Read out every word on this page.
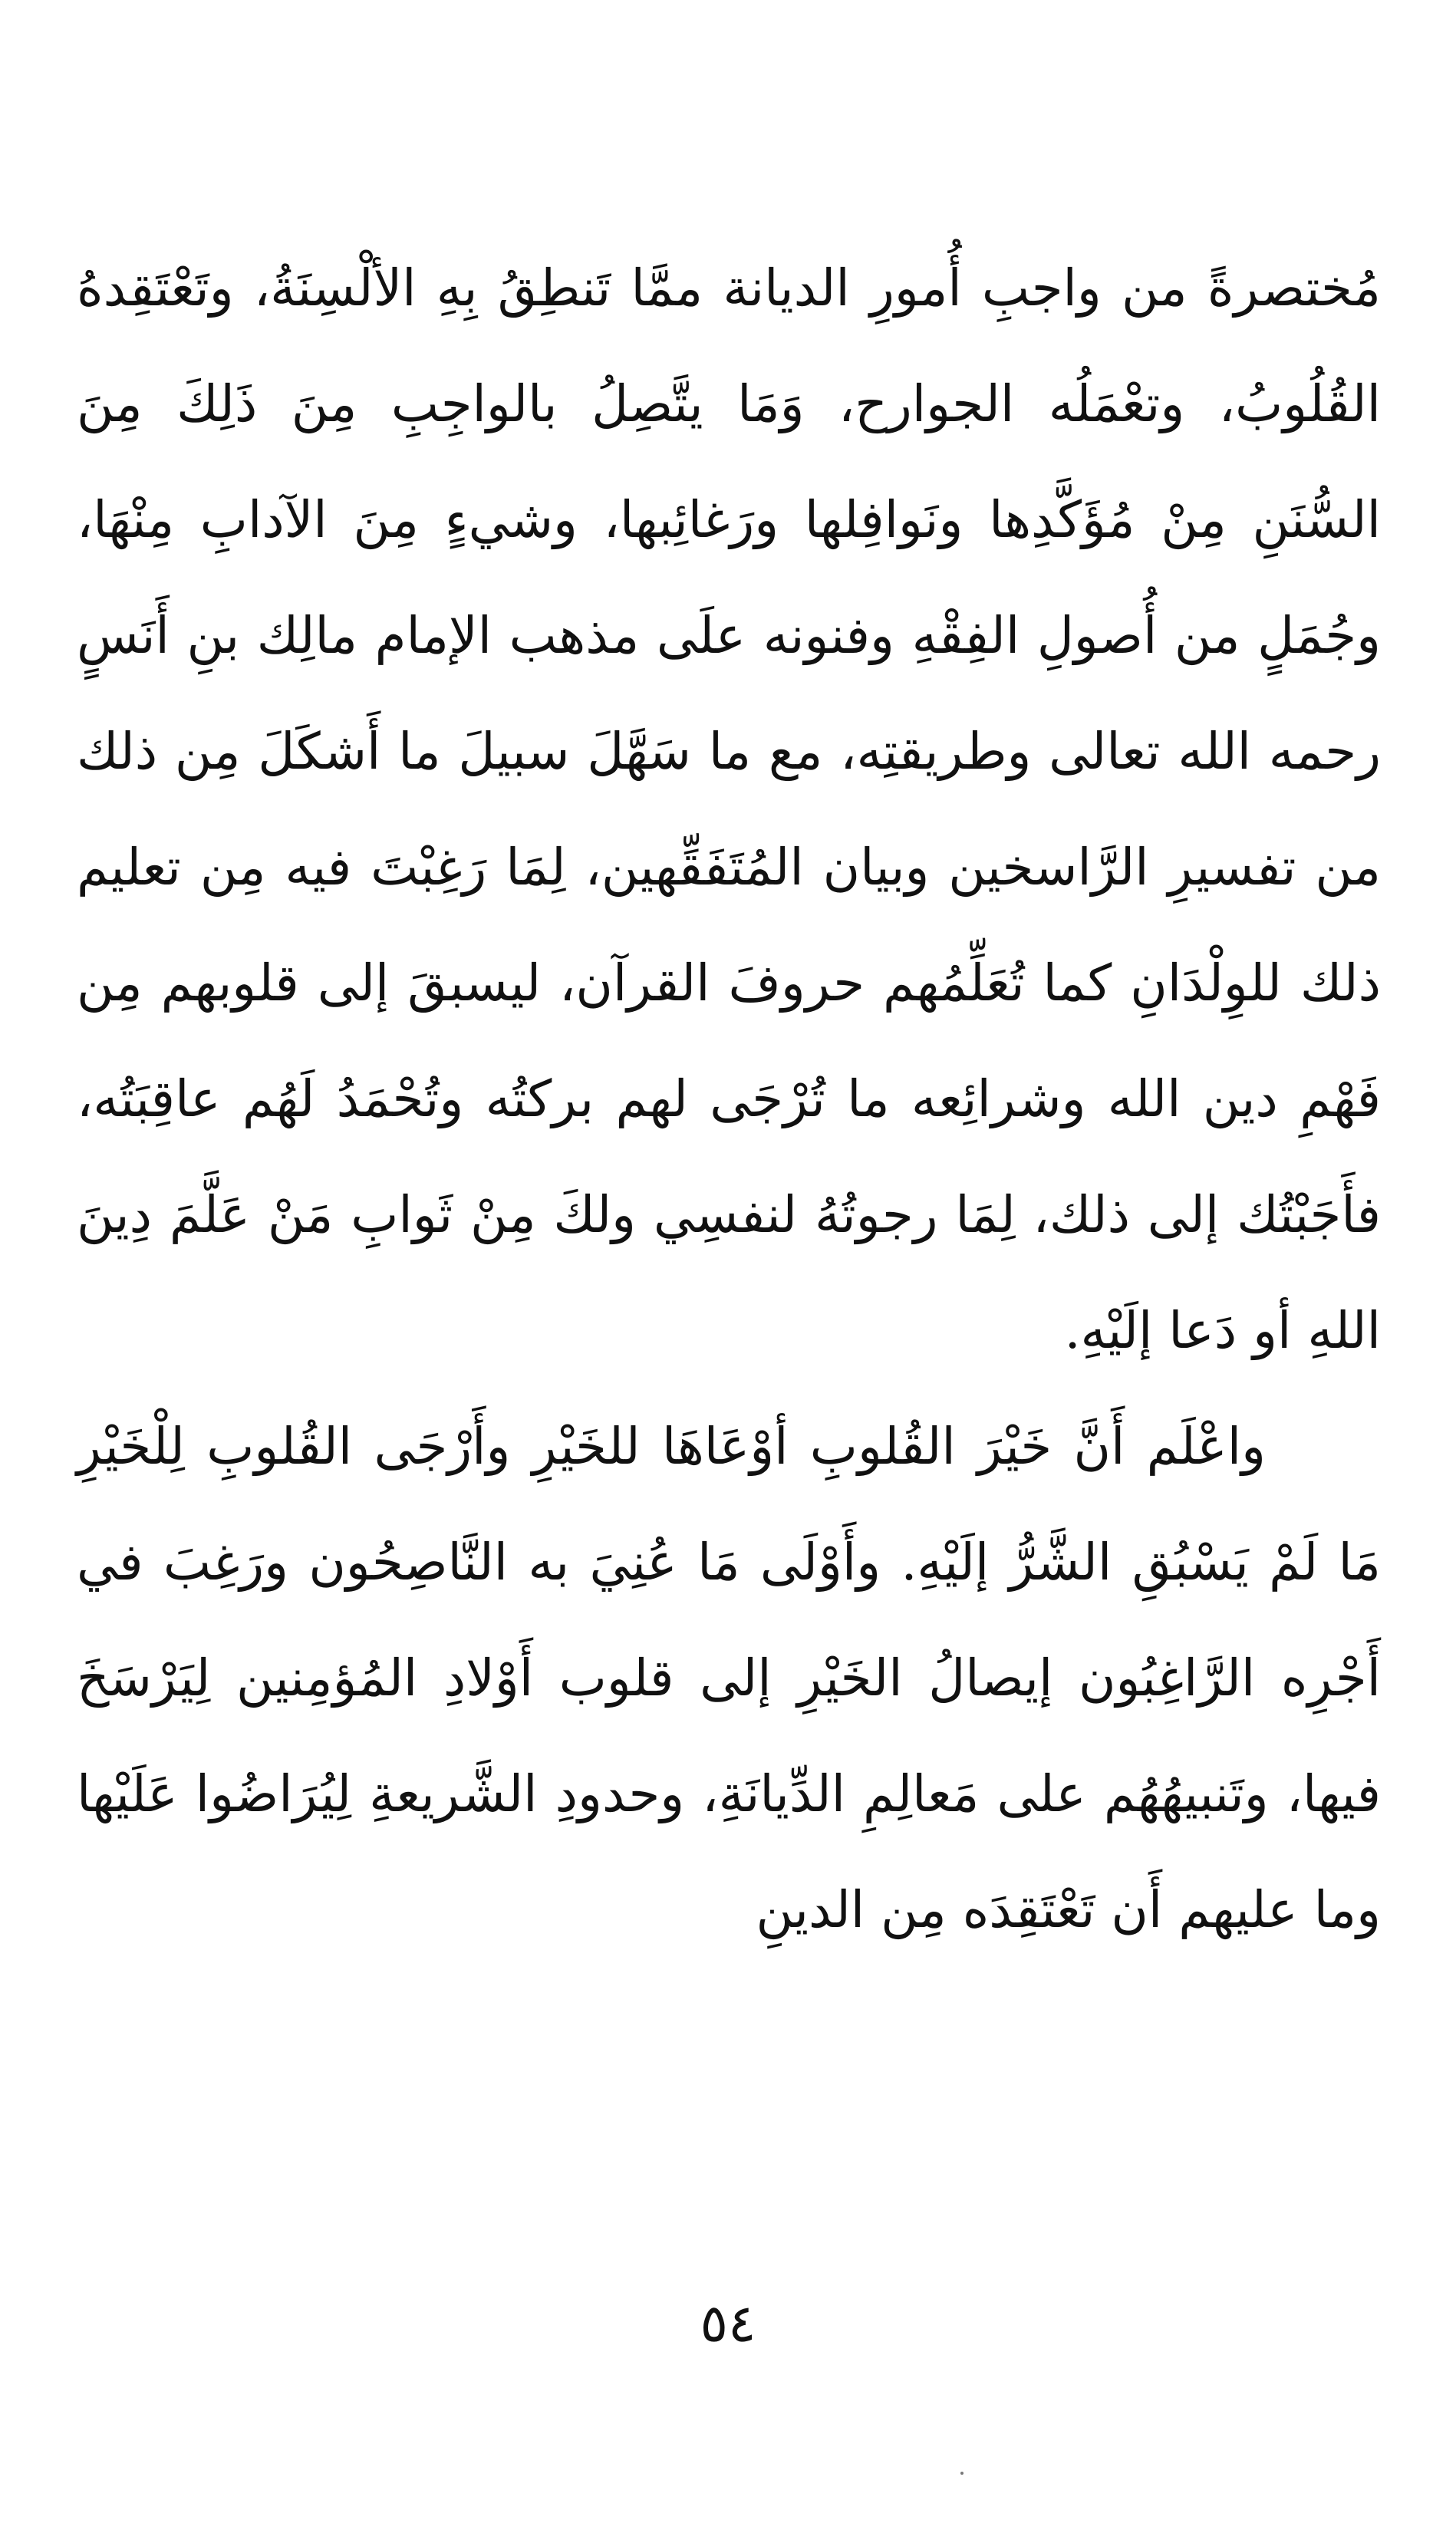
مُختصرةً من واجبِ أُمورِ الديانة ممَّا تَنطِقُ بِهِ الألْسِنَةُ، وتَعْتَقِدهُ القُلُوبُ، وتعْمَلُه الجوارح، وَمَا يتَّصِلُ بالواجِبِ مِنَ ذَلِكَ مِنَ السُّنَنِ مِنْ مُؤَكَّدِها ونَوافِلها ورَغائِبها، وشيءٍ مِنَ الآدابِ مِنْهَا، وجُمَلٍ من أُصولِ الفِقْهِ وفنونه علَى مذهب الإمام مالِك بنِ أَنَسٍ رحمه الله تعالى وطريقتِه، مع ما سَهَّلَ سبيلَ ما أَشكَلَ مِن ذلك من تفسيرِ الرَّاسخين وبيان المُتَفَقِّهين، لِمَا رَغِبْتَ فيه مِن تعليم ذلك للوِلْدَانِ كما تُعَلِّمُهم حروفَ القرآن، ليسبقَ إلى قلوبهم مِن فَهْمِ دين الله وشرائِعه ما تُرْجَى لهم بركتُه وتُحْمَدُ لَهُم عاقِبَتُه، فأَجَبْتُك إلى ذلك، لِمَا رجوتُهُ لنفسِي ولكَ مِنْ ثَوابِ مَنْ عَلَّمَ دِينَ اللهِ أو دَعا إلَيْهِ.

واعْلَم أَنَّ خَيْرَ القُلوبِ أوْعَاهَا للخَيْرِ وأَرْجَى القُلوبِ لِلْخَيْرِ مَا لَمْ يَسْبُقِ الشَّرُّ إلَيْهِ. وأَوْلَى مَا عُنِيَ به النَّاصِحُون ورَغِبَ في أَجْرِه الرَّاغِبُون إيصالُ الخَيْرِ إلى قلوب أَوْلادِ المُؤمِنين لِيَرْسَخَ فيها، وتَنبيهُهُم على مَعالِمِ الدِّيانَةِ، وحدودِ الشَّريعةِ لِيُرَاضُوا عَلَيْها وما عليهم أَن تَعْتَقِدَه مِن الدينِ

٥٤
